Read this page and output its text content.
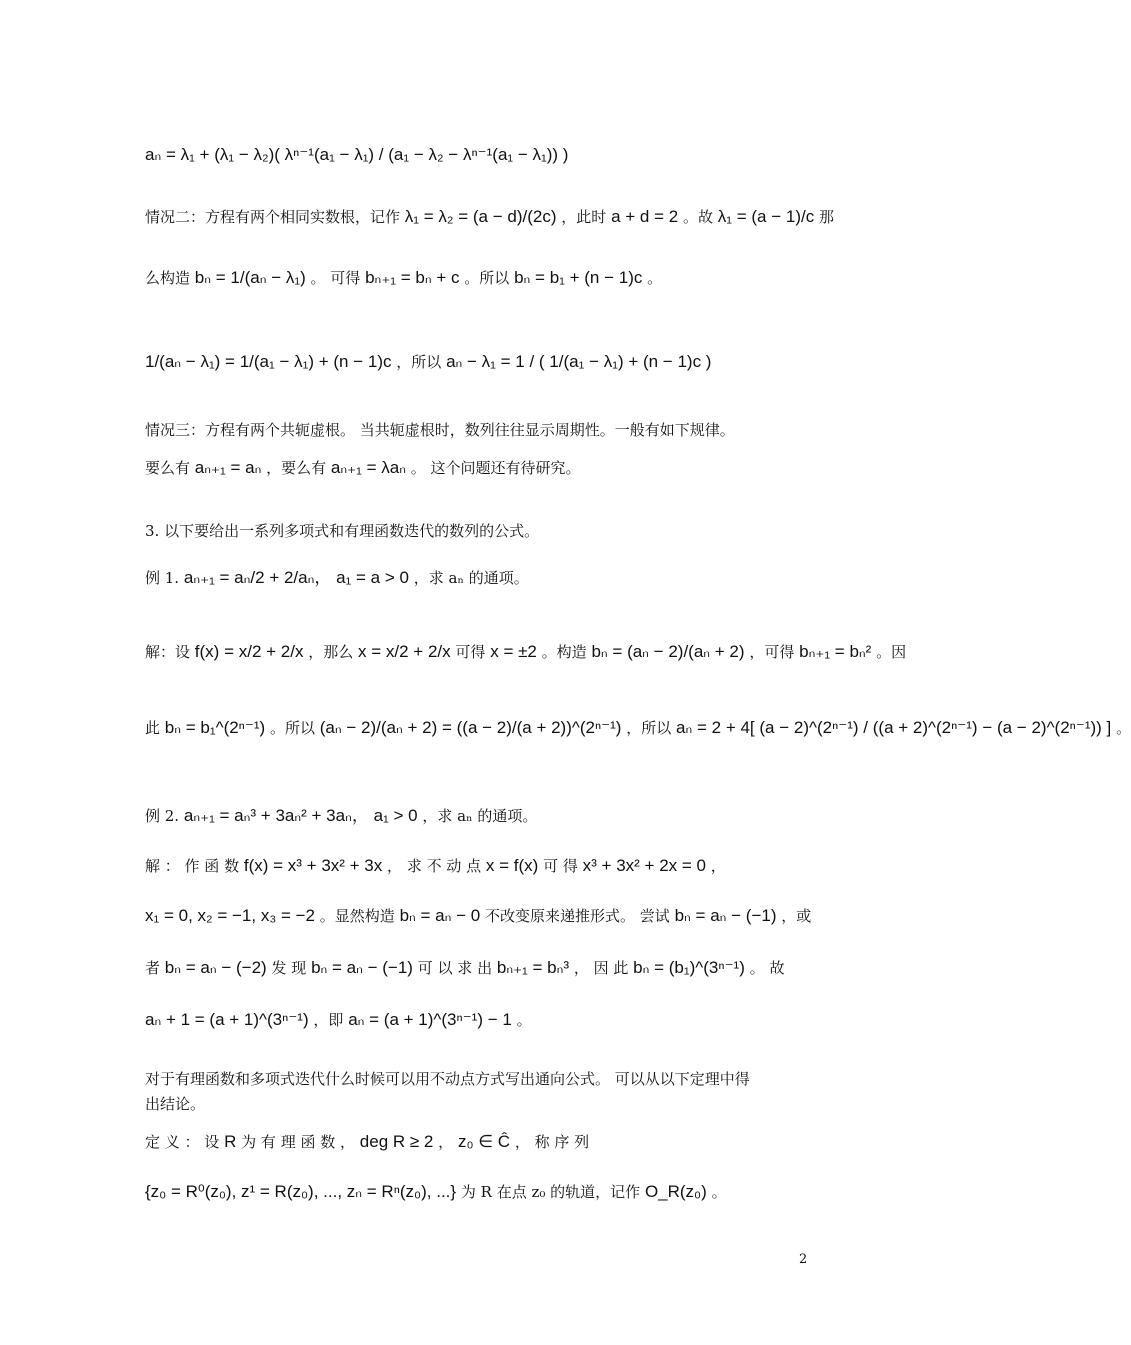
aₙ = λ₁ + (λ₁ − λ₂)( λⁿ⁻¹(a₁ − λ₁) / (a₁ − λ₂ − λⁿ⁻¹(a₁ − λ₁)) )
情况二：方程有两个相同实数根，记作 λ₁ = λ₂ = (a − d)/(2c) ，此时 a + d = 2 。故 λ₁ = (a − 1)/c 那
么构造 bₙ = 1/(aₙ − λ₁) 。 可得 bₙ₊₁ = bₙ + c 。所以 bₙ = b₁ + (n − 1)c 。
1/(aₙ − λ₁) = 1/(a₁ − λ₁) + (n − 1)c ，所以 aₙ − λ₁ = 1 / ( 1/(a₁ − λ₁) + (n − 1)c )
情况三：方程有两个共轭虚根。 当共轭虚根时，数列往往显示周期性。一般有如下规律。
要么有 aₙ₊₁ = aₙ ，要么有 aₙ₊₁ = λaₙ 。 这个问题还有待研究。
3. 以下要给出一系列多项式和有理函数迭代的数列的公式。
例 1. aₙ₊₁ = aₙ/2 + 2/aₙ， a₁ = a > 0 ，求 aₙ 的通项。
解：设 f(x) = x/2 + 2/x ，那么 x = x/2 + 2/x 可得 x = ±2 。构造 bₙ = (aₙ − 2)/(aₙ + 2) ，可得 bₙ₊₁ = bₙ² 。因
此 bₙ = b₁^(2ⁿ⁻¹) 。所以 (aₙ − 2)/(aₙ + 2) = ((a − 2)/(a + 2))^(2ⁿ⁻¹) ，所以 aₙ = 2 + 4[ (a − 2)^(2ⁿ⁻¹) / ((a + 2)^(2ⁿ⁻¹) − (a − 2)^(2ⁿ⁻¹)) ] 。
例 2. aₙ₊₁ = aₙ³ + 3aₙ² + 3aₙ， a₁ > 0 ，求 aₙ 的通项。
解 ： 作 函 数 f(x) = x³ + 3x² + 3x ， 求 不 动 点 x = f(x) 可 得 x³ + 3x² + 2x = 0 ，
x₁ = 0, x₂ = −1, x₃ = −2 。显然构造 bₙ = aₙ − 0 不改变原来递推形式。 尝试 bₙ = aₙ − (−1) ，或
者 bₙ = aₙ − (−2) 发 现 bₙ = aₙ − (−1) 可 以 求 出 bₙ₊₁ = bₙ³ ， 因 此 bₙ = (b₁)^(3ⁿ⁻¹) 。 故
aₙ + 1 = (a + 1)^(3ⁿ⁻¹) ，即 aₙ = (a + 1)^(3ⁿ⁻¹) − 1 。
对于有理函数和多项式迭代什么时候可以用不动点方式写出通向公式。 可以从以下定理中得
出结论。
定 义 ： 设 R 为 有 理 函 数 ， deg R ≥ 2 ， z₀ ∈ Ĉ ， 称 序 列
{z₀ = R⁰(z₀), z¹ = R(z₀), ..., zₙ = Rⁿ(z₀), ...} 为 R 在点 z₀ 的轨道，记作 O_R(z₀) 。
2
